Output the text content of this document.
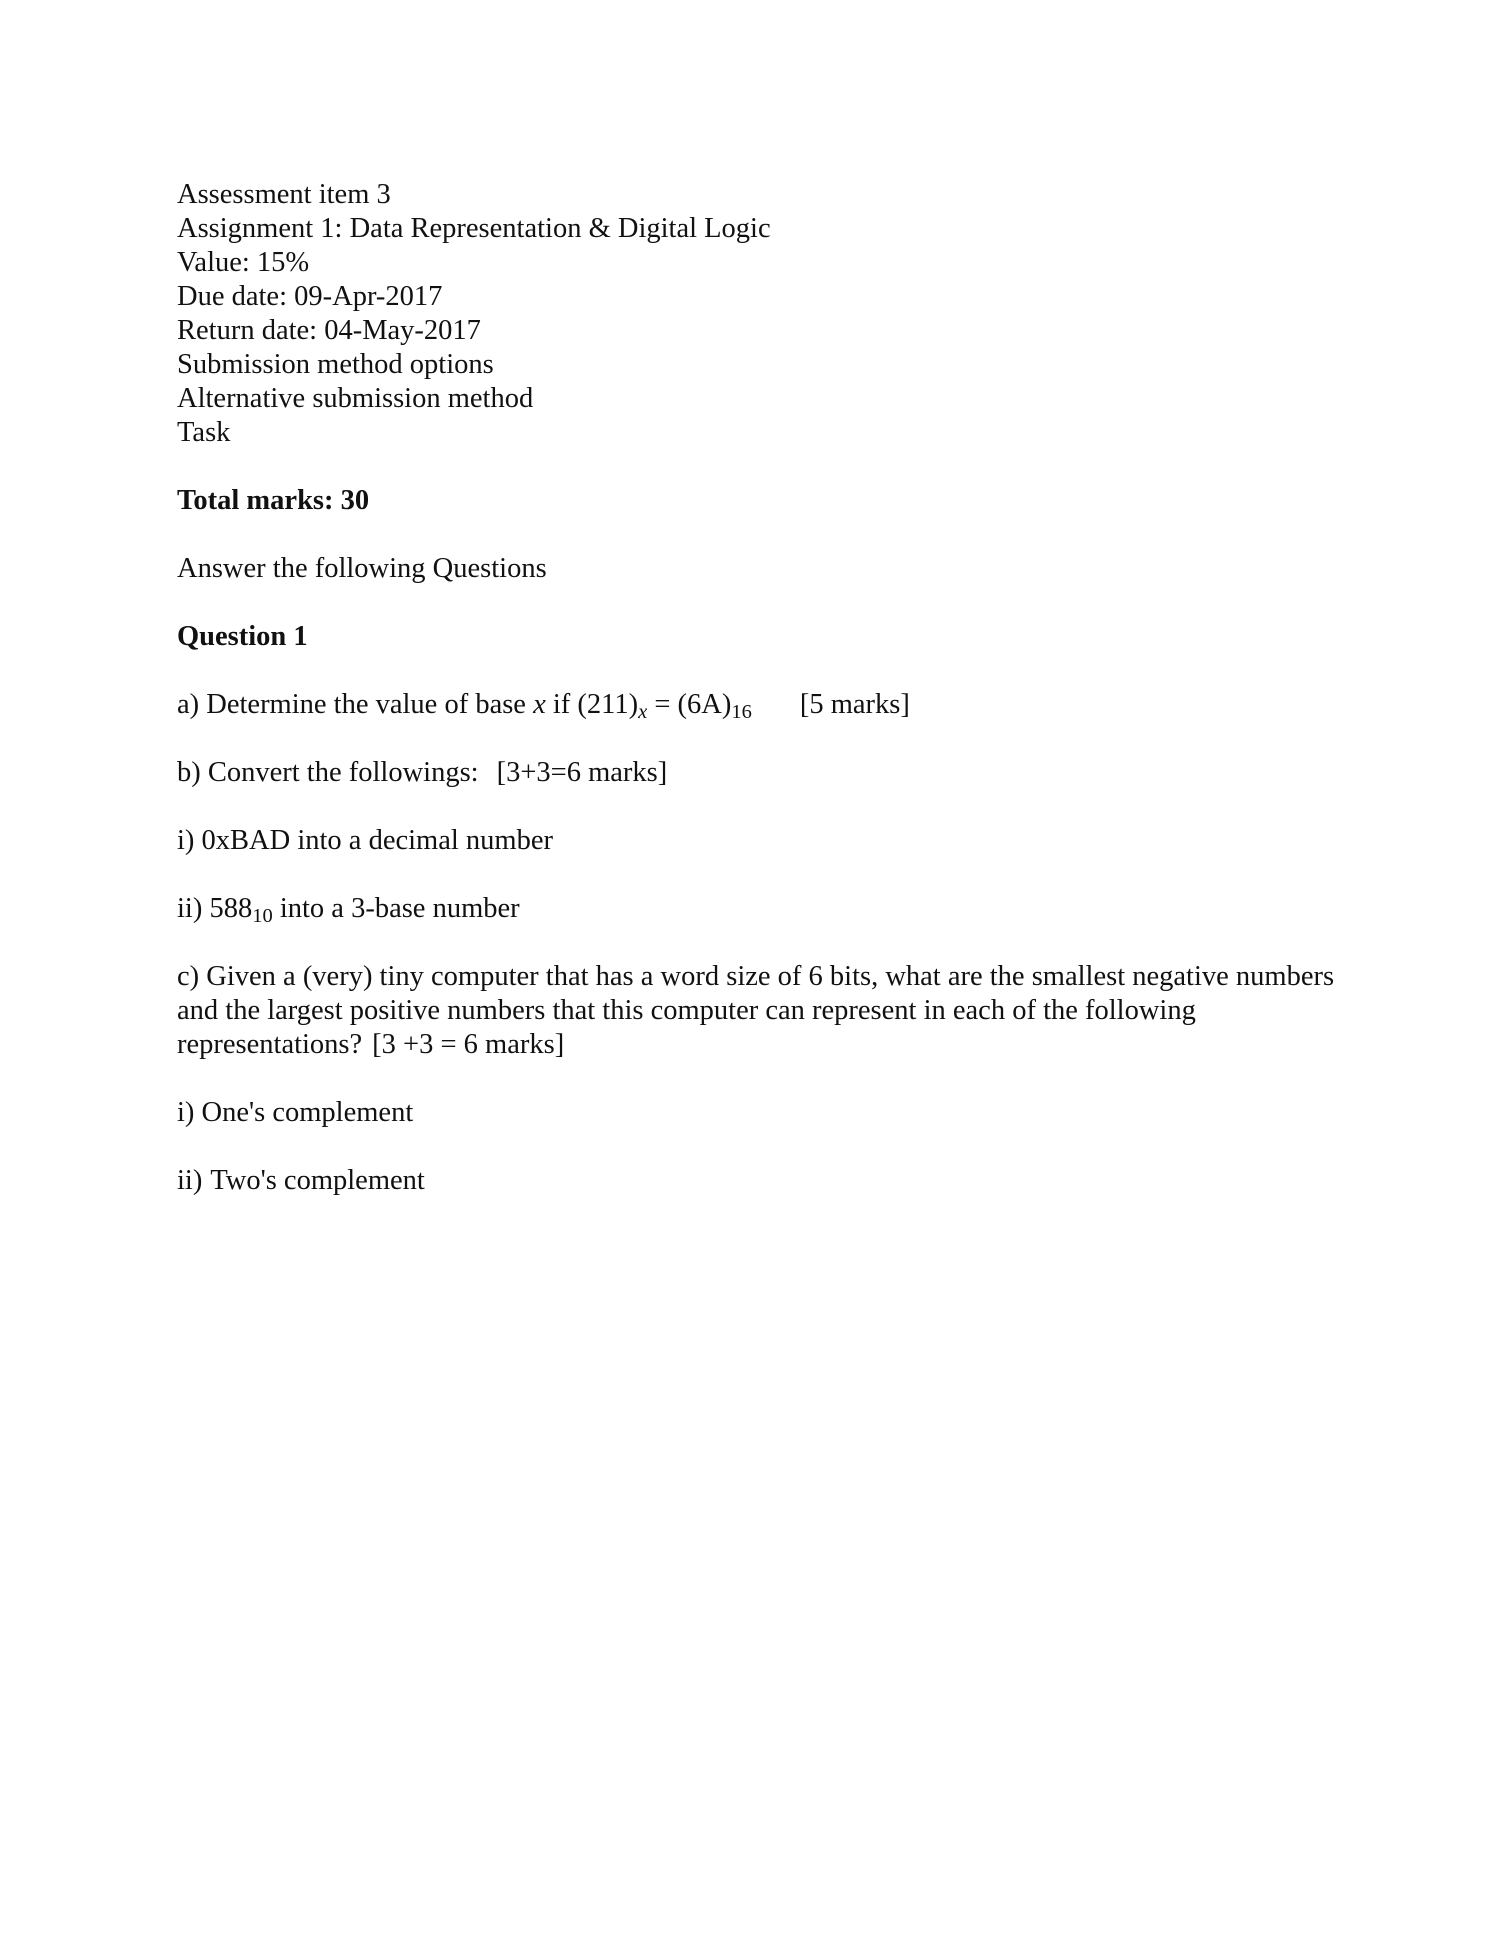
Assessment item 3
Assignment 1: Data Representation & Digital Logic
Value: 15%
Due date: 09-Apr-2017
Return date: 04-May-2017
Submission method options
Alternative submission method
Task
Total marks: 30
Answer the following Questions
Question 1
a) Determine the value of base x if $(211)_x = (6A)_{16}$ [5 marks]
b) Convert the followings: [3+3=6 marks]
i) 0xBAD into a decimal number
ii) $588_{10}$ into a 3-base number
c) Given a (very) tiny computer that has a word size of 6 bits, what are the smallest negative numbers and the largest positive numbers that this computer can represent in each of the following representations? [3 +3 = 6 marks]
i) One's complement
ii) Two's complement
